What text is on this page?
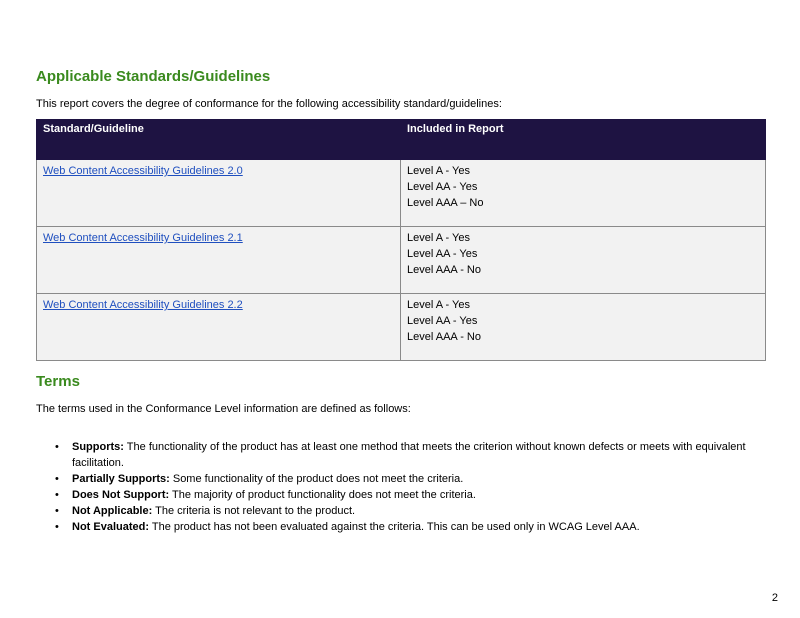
Applicable Standards/Guidelines

This report covers the degree of conformance for the following accessibility standard/guidelines:

Standard/Guideline	Included in Report
Web Content Accessibility Guidelines 2.0	Level A - Yes
Level AA - Yes
Level AAA – No

Web Content Accessibility Guidelines 2.1	Level A - Yes
Level AA - Yes
Level AAA - No

Web Content Accessibility Guidelines 2.2	Level A - Yes
Level AA - Yes
Level AAA - No
Terms

The terms used in the Conformance Level information are defined as follows:

• Supports: The functionality of the product has at least one method that meets the criterion without known defects or meets with equivalent facilitation.
• Partially Supports: Some functionality of the product does not meet the criteria.
• Does Not Support: The majority of product functionality does not meet the criteria.
• Not Applicable: The criteria is not relevant to the product.
• Not Evaluated: The product has not been evaluated against the criteria. This can be used only in WCAG Level AAA.
2
